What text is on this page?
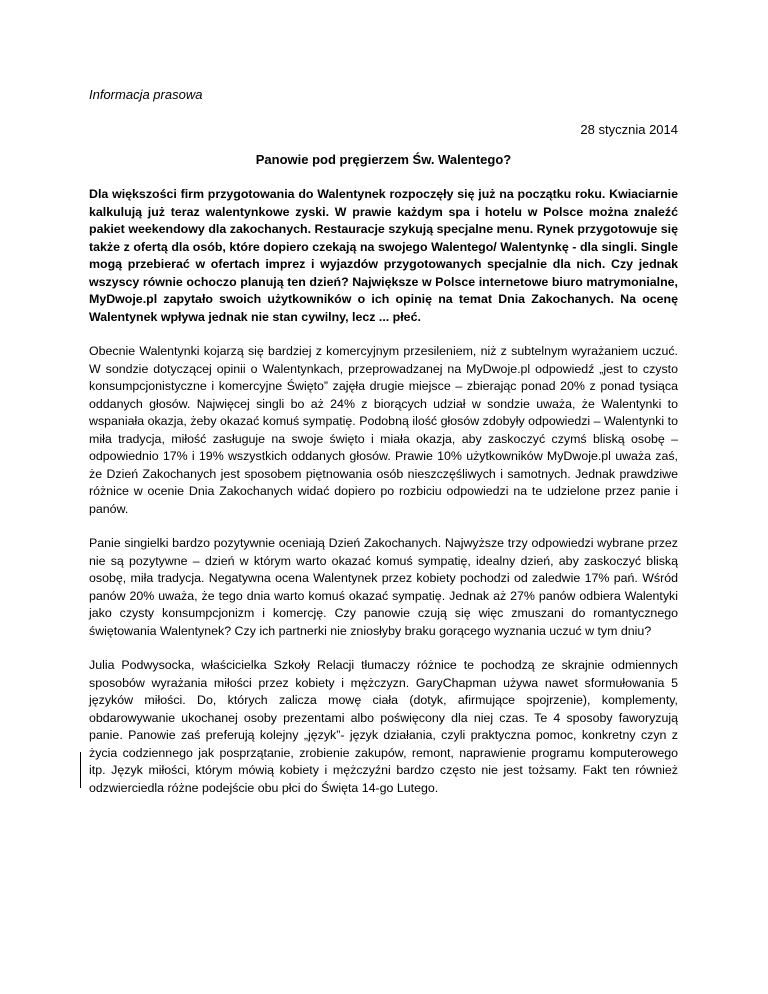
Informacja prasowa

28 stycznia 2014

Panowie pod pręgierzem Św. Walentego?

Dla większości firm przygotowania do Walentynek rozpoczęły się już na początku roku. Kwiaciarnie kalkulują już teraz walentynkowe zyski. W prawie każdym spa i hotelu w Polsce można znaleźć pakiet weekendowy dla zakochanych. Restauracje szykują specjalne menu. Rynek przygotowuje się także z ofertą dla osób, które dopiero czekają na swojego Walentego/ Walentynkę - dla singli. Single mogą przebierać w ofertach imprez i wyjazdów przygotowanych specjalnie dla nich. Czy jednak wszyscy równie ochoczo planują ten dzień? Największe w Polsce internetowe biuro matrymonialne, MyDwoje.pl zapytało swoich użytkowników o ich opinię na temat Dnia Zakochanych. Na ocenę Walentynek wpływa jednak nie stan cywilny, lecz ... płeć.

Obecnie Walentynki kojarzą się bardziej z komercyjnym przesileniem, niż z subtelnym wyrażaniem uczuć. W sondzie dotyczącej opinii o Walentynkach, przeprowadzanej na MyDwoje.pl odpowiedź „jest to czysto konsumpcjonistyczne i komercyjne Święto” zajęła drugie miejsce – zbierając ponad 20% z ponad tysiąca oddanych głosów. Najwięcej singli bo aż 24% z biorących udział w sondzie uważa, że Walentynki to wspaniała okazja, żeby okazać komuś sympatię. Podobną ilość głosów zdobyły odpowiedzi – Walentynki to miła tradycja, miłość zasługuje na swoje święto i miała okazja, aby zaskoczyć czymś bliską osobę – odpowiednio 17% i 19% wszystkich oddanych głosów. Prawie 10% użytkowników MyDwoje.pl uważa zaś, że Dzień Zakochanych jest sposobem piętnowania osób nieszczęśliwych i samotnych. Jednak prawdziwe różnice w ocenie Dnia Zakochanych widać dopiero po rozbiciu odpowiedzi na te udzielone przez panie i panów.

Panie singielki bardzo pozytywnie oceniają Dzień Zakochanych. Najwyższe trzy odpowiedzi wybrane przez nie są pozytywne – dzień w którym warto okazać komuś sympatię, idealny dzień, aby zaskoczyć bliską osobę, miła tradycja. Negatywna ocena Walentynek przez kobiety pochodzi od zaledwie 17% pań. Wśród panów 20% uważa, że tego dnia warto komuś okazać sympatię. Jednak aż 27% panów odbiera Walentyki jako czysty konsumpcjonizm i komercję. Czy panowie czują się więc zmuszani do romantycznego świętowania Walentynek? Czy ich partnerki nie zniosłyby braku gorącego wyznania uczuć w tym dniu?

Julia Podwysocka, właścicielka Szkoły Relacji tłumaczy różnice te pochodzą ze skrajnie odmiennych sposobów wyrażania miłości przez kobiety i mężczyzn. GaryChapman używa nawet sformułowania 5 języków miłości. Do, których zalicza mowę ciała (dotyk, afirmujące spojrzenie), komplementy, obdarowywanie ukochanej osoby prezentami albo poświęcony dla niej czas. Te 4 sposoby faworyzują panie. Panowie zaś preferują kolejny „język”- język działania, czyli praktyczna pomoc, konkretny czyn z życia codziennego jak posprzątanie, zrobienie zakupów, remont, naprawienie programu komputerowego itp. Język miłości, którym mówią kobiety i mężczyźni bardzo często nie jest tożsamy. Fakt ten również odzwierciedla różne podejście obu płci do Święta 14-go Lutego.
